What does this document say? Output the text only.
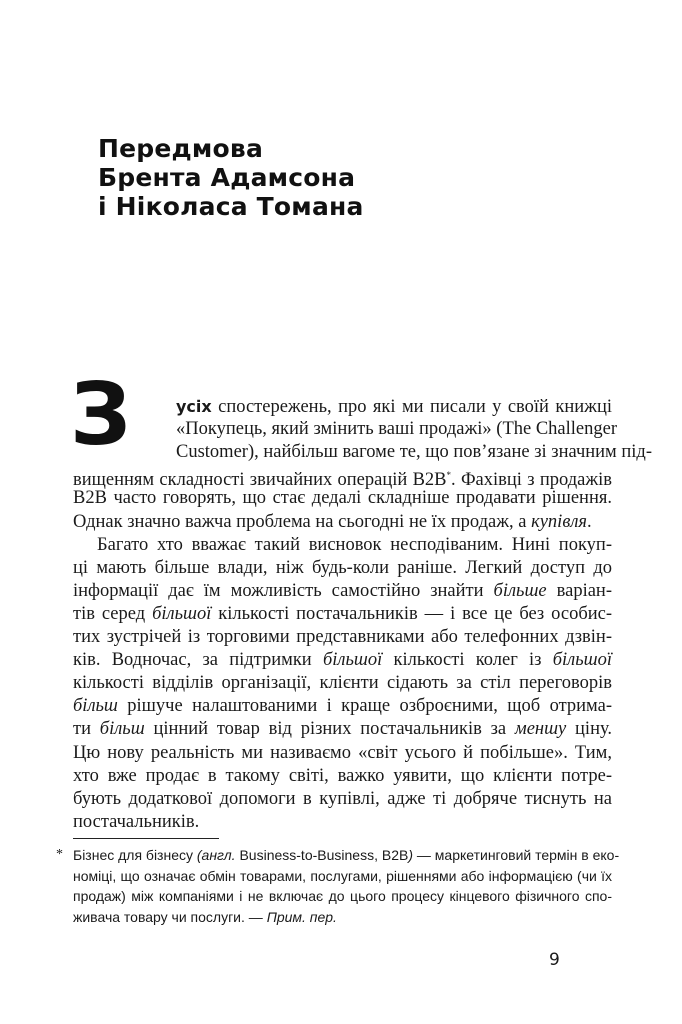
Передмова
Брента Адамсона
і Ніколаса Томана
З	усіх спостережень, про які ми писали у своїй книжці
«Покупець, який змінить ваші продажі» (The Challenger
Customer), найбільш вагоме те, що пов’язане зі значним під-
вищенням складності звичайних операцій B2B*. Фахівці з продажів
B2B часто говорять, що стає дедалі складніше продавати рішення.
Однак значно важча проблема на сьогодні не їх продаж, а купівля.
Багато хто вважає такий висновок несподіваним. Нині покуп-
ці мають більше влади, ніж будь-коли раніше. Легкий доступ до
інформації дає їм можливість самостійно знайти більше варіан-
тів серед більшої кількості постачальників — і все це без особис-
тих зустрічей із торговими представниками або телефонних дзвін-
ків. Водночас, за підтримки більшої кількості колег із більшої
кількості відділів організації, клієнти сідають за стіл переговорів
більш рішуче налаштованими і краще озброєними, щоб отрима-
ти більш цінний товар від різних постачальників за меншу ціну.
Цю нову реальність ми називаємо «світ усього й побільше». Тим,
хто вже продає в такому світі, важко уявити, що клієнти потре-
бують додаткової допомоги в купівлі, адже ті добряче тиснуть на
постачальників.
* Бізнес для бізнесу (англ. Business-to-Business, B2B) — маркетинговий термін в еко-
номіці, що означає обмін товарами, послугами, рішеннями або інформацією (чи їх
продаж) між компаніями і не включає до цього процесу кінцевого фізичного спо-
живача товару чи послуги. — Прим. пер.
9
